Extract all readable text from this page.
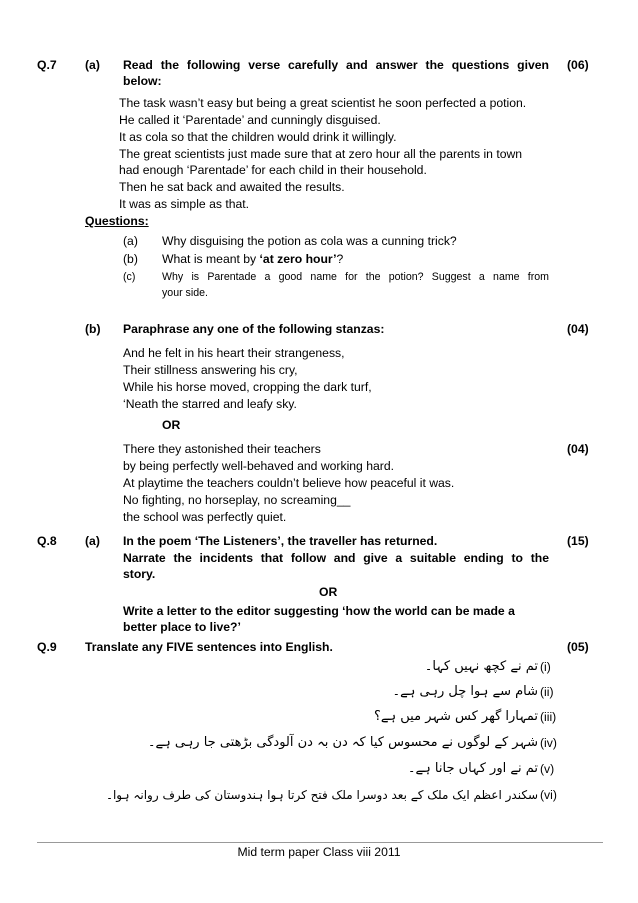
Q.7 (a) Read the following verse carefully and answer the questions given
below:
(06)
The task wasn’t easy but being a great scientist he soon perfected a potion.
He called it ‘Parentade’ and cunningly disguised.
It as cola so that the children would drink it willingly.
The great scientists just made sure that at zero hour all the parents in town
had enough ‘Parentade’ for each child in their household.
Then he sat back and awaited the results.
It was as simple as that.
Questions:
(a) Why disguising the potion as cola was a cunning trick?
(b) What is meant by ‘at zero hour’?
(c)	Why is Parentade a good name for the potion? Suggest a name from
your side.
(b) Paraphrase any one of the following stanzas:	(04)
And he felt in his heart their strangeness,
Their stillness answering his cry,
While his horse moved, cropping the dark turf,
‘Neath the starred and leafy sky.
OR
There they astonished their teachers	(04)
by being perfectly well-behaved and working hard.
At playtime the teachers couldn’t believe how peaceful it was.
No fighting, no horseplay, no screaming__
the school was perfectly quiet.
Q.8 (a) In the poem ‘The Listeners’, the traveller has returned.	(15)
Narrate the incidents that follow and give a suitable ending to the
story.
OR
Write a letter to the editor suggesting ‘how the world can be made a
better place to live?’
Q.9 Translate any FIVE sentences into English.	(05)
(i)
تم نے کچھ نہیں کہا۔
(ii)
شام سے ہوا چل رہی ہے۔
(iii)
تمہارا گھر کس شہر میں ہے؟
(iv)
شہر کے لوگوں نے محسوس کیا کہ دن بہ دن آلودگی بڑھتی جا رہی ہے۔
(v)
تم نے اور کہاں جانا ہے۔
(vi)
سکندر اعظم ایک ملک کے بعد دوسرا ملک فتح کرتا ہوا ہندوستان کی طرف روانہ ہوا۔
Mid term paper Class viii 2011
